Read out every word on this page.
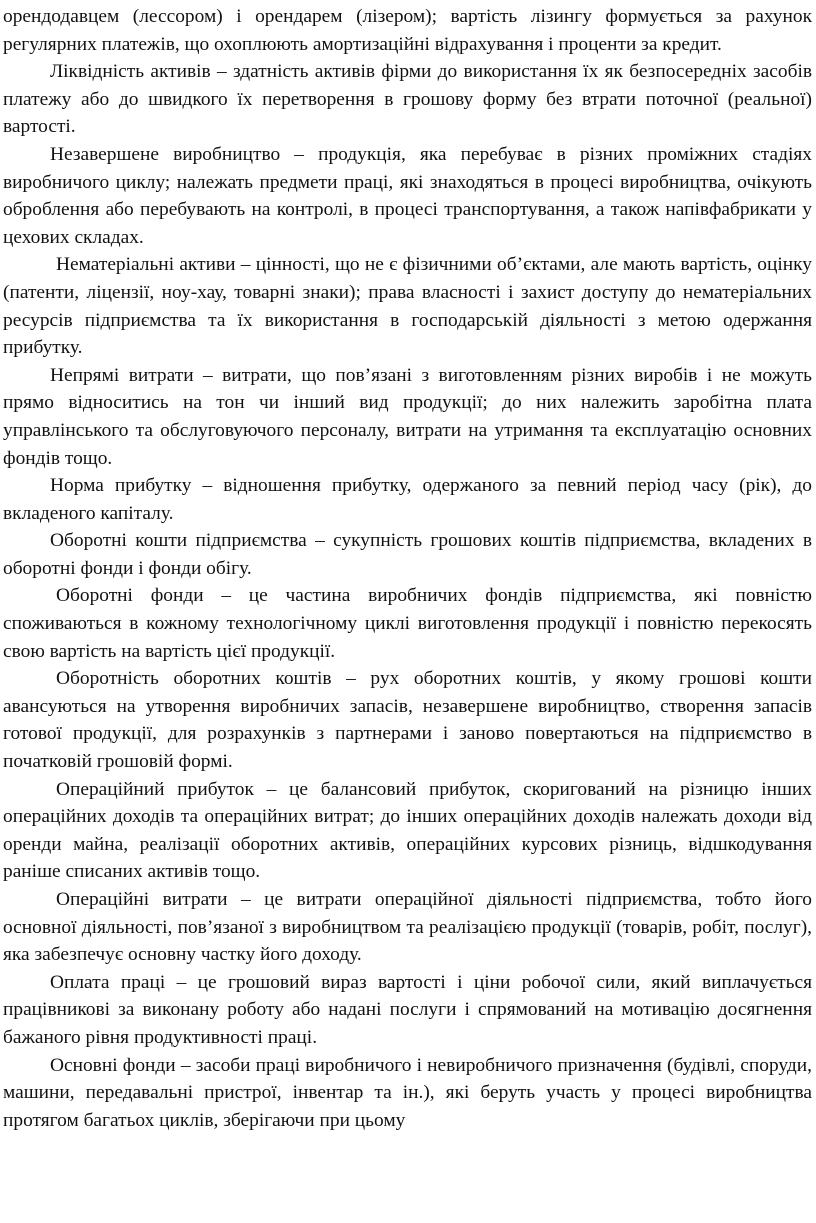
орендодавцем (лессором) і орендарем (лізером); вартість лізингу формується за рахунок регулярних платежів, що охоплюють амортизаційні відрахування і проценти за кредит.

Ліквідність активів – здатність активів фірми до використання їх як безпосередніх засобів платежу або до швидкого їх перетворення в грошову форму без втрати поточної (реальної) вартості.

Незавершене виробництво – продукція, яка перебуває в різних проміжних стадіях виробничого циклу; належать предмети праці, які знаходяться в процесі виробництва, очікують оброблення або перебувають на контролі, в процесі транспортування, а також напівфабрикати у цехових складах.

Нематеріальні активи – цінності, що не є фізичними об’єктами, але мають вартість, оцінку (патенти, ліцензії, ноу-хау, товарні знаки); права власності і захист доступу до нематеріальних ресурсів підприємства та їх використання в господарській діяльності з метою одержання прибутку.

Непрямі витрати – витрати, що пов’язані з виготовленням різних виробів і не можуть прямо відноситись на тон чи інший вид продукції; до них належить заробітна плата управлінського та обслуговуючого персоналу, витрати на утримання та експлуатацію основних фондів тощо.

Норма прибутку – відношення прибутку, одержаного за певний період часу (рік), до вкладеного капіталу.

Оборотні кошти підприємства – сукупність грошових коштів підприємства, вкладених в оборотні фонди і фонди обігу.

Оборотні фонди – це частина виробничих фондів підприємства, які повністю споживаються в кожному технологічному циклі виготовлення продукції і повністю перекосять свою вартість на вартість цієї продукції.

Оборотність оборотних коштів – рух оборотних коштів, у якому грошові кошти авансуються на утворення виробничих запасів, незавершене виробництво, створення запасів готової продукції, для розрахунків з партнерами і заново повертаються на підприємство в початковій грошовій формі.

Операційний прибуток – це балансовий прибуток, скоригований на різницю інших операційних доходів та операційних витрат; до інших операційних доходів належать доходи від оренди майна, реалізації оборотних активів, операційних курсових різниць, відшкодування раніше списаних активів тощо.

Операційні витрати – це витрати операційної діяльності підприємства, тобто його основної діяльності, пов’язаної з виробництвом та реалізацією продукції (товарів, робіт, послуг), яка забезпечує основну частку його доходу.

Оплата праці – це грошовий вираз вартості і ціни робочої сили, який виплачується працівникові за виконану роботу або надані послуги і спрямований на мотивацію досягнення бажаного рівня продуктивності праці.

Основні фонди – засоби праці виробничого і невиробничого призначення (будівлі, споруди, машини, передавальні пристрої, інвентар та ін.), які беруть участь у процесі виробництва протягом багатьох циклів, зберігаючи при цьому
